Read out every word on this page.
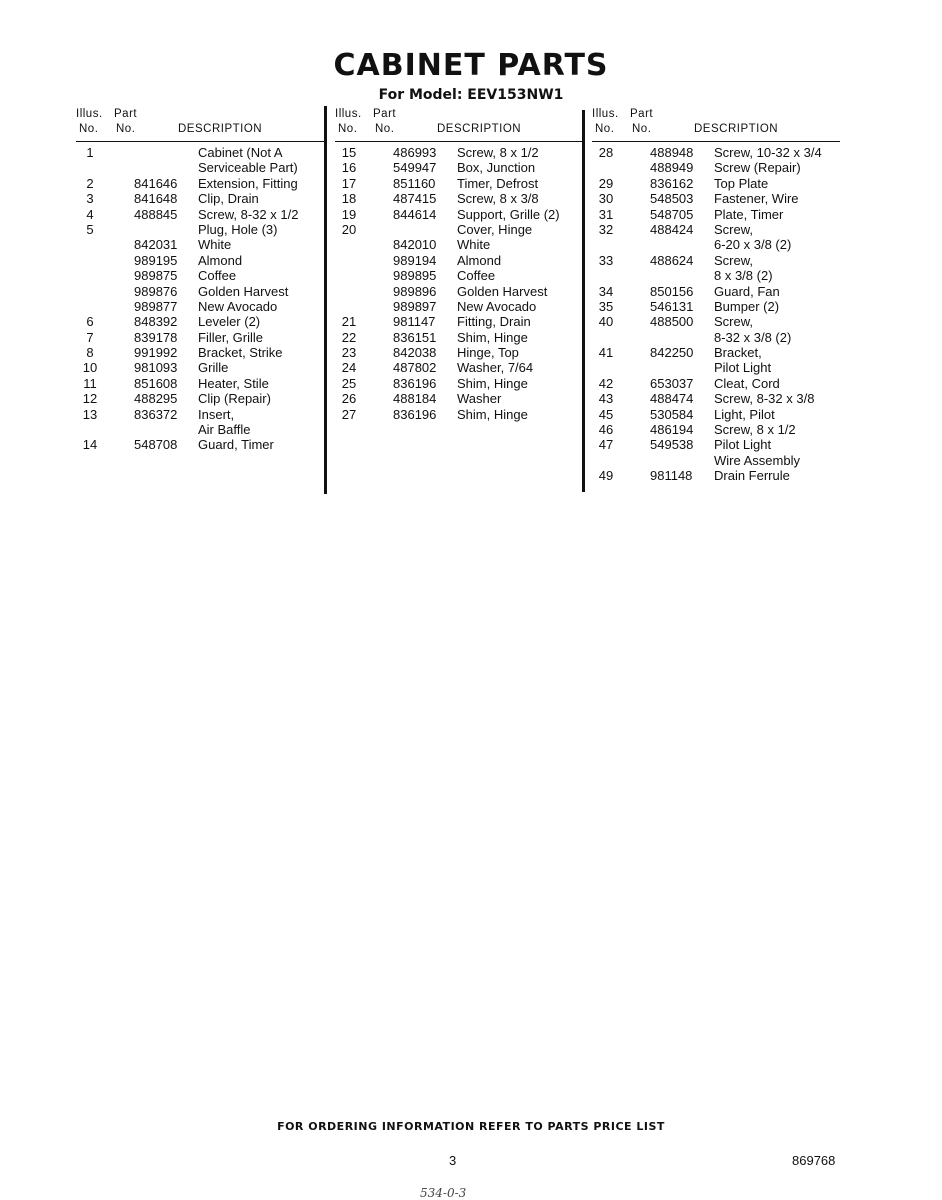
CABINET PARTS
For Model: EEV153NW1
Illus. Part
No. No.	DESCRIPTION
1	Cabinet (Not A
Serviceable Part)
2	841646 Extension, Fitting
3	841648 Clip, Drain
4	488845 Screw, 8-32 x 1/2
5	Plug, Hole (3)
842031 White
989195 Almond
989875 Coffee
989876 Golden Harvest
989877 New Avocado
6	848392 Leveler (2)
7	839178 Filler, Grille
8	991992 Bracket, Strike
10	981093 Grille
11	851608 Heater, Stile
12	488295 Clip (Repair)
13	836372 Insert,
Air Baffle
14	548708 Guard, Timer
Illus. Part
No. No.	DESCRIPTION
15	486993 Screw, 8 x 1/2
16	549947 Box, Junction
17	851160 Timer, Defrost
18	487415 Screw, 8 x 3/8
19	844614 Support, Grille (2)
20	Cover, Hinge
842010 White
989194 Almond
989895 Coffee
989896 Golden Harvest
989897 New Avocado
21	981147 Fitting, Drain
22	836151 Shim, Hinge
23	842038 Hinge, Top
24	487802 Washer, 7/64
25	836196 Shim, Hinge
26	488184 Washer
27	836196 Shim, Hinge
Illus. Part
No. No.	DESCRIPTION
28	488948 Screw, 10-32 x 3/4
488949 Screw (Repair)
29	836162 Top Plate
30	548503 Fastener, Wire
31	548705 Plate, Timer
32	488424 Screw,
6-20 x 3/8 (2)
33	488624 Screw,
8 x 3/8 (2)
34	850156 Guard, Fan
35	546131 Bumper (2)
40	488500 Screw,
8-32 x 3/8 (2)
41	842250 Bracket,
Pilot Light
42	653037 Cleat, Cord
43	488474 Screw, 8-32 x 3/8
45	530584 Light, Pilot
46	486194 Screw, 8 x 1/2
47	549538 Pilot Light
Wire Assembly
49	981148 Drain Ferrule
FOR ORDERING INFORMATION REFER TO PARTS PRICE LIST
3	869768
534-0-3
